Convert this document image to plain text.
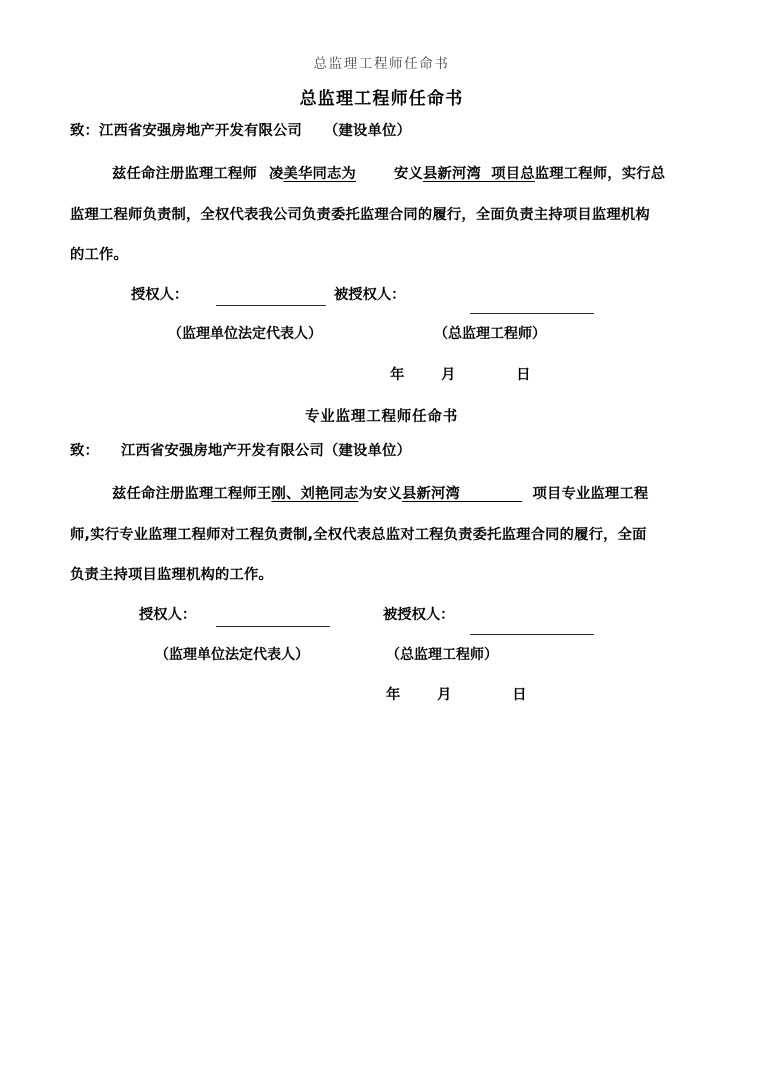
总监理工程师任命书
总监理工程师任命书
致：江西省安强房地产开发有限公司 （建设单位）
兹任命注册监理工程师 凌美华同志为	安义县新河湾  项目总监理工程师，实行总
监理工程师负责制，全权代表我公司负责委托监理合同的履行，全面负责主持项目监理机构
的工作。
授权人：	被授权人：
（监理单位法定代表人）	（总监理工程师）
年      月          日
专业监理工程师任命书
致： 江西省安强房地产开发有限公司（建设单位）
兹任命注册监理工程师王刚、刘艳同志为安义县新河湾	项目专业监理工程
师,实行专业监理工程师对工程负责制,全权代表总监对工程负责委托监理合同的履行，全面
负责主持项目监理机构的工作。
授权人：	被授权人：
（监理单位法定代表人）	（总监理工程师）
年      月          日
